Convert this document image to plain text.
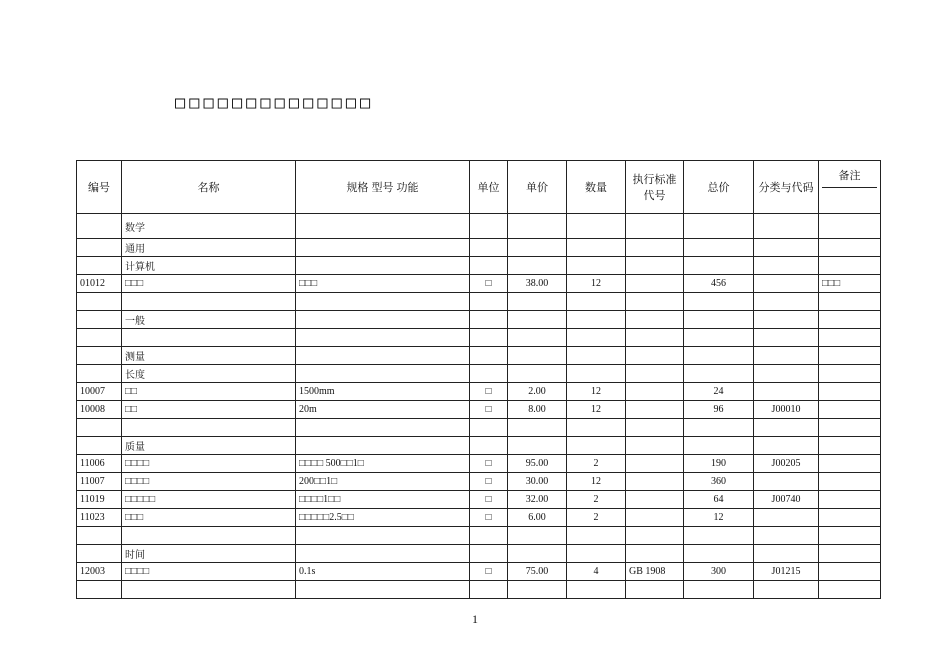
□□□□□□□□□□□□□□
编号	名称	规格 型号 功能	单位	单价	数量	执行标准
代号	总价	分类与代码	备注

	数学								
	通用								
	计算机								
01012	□□□	□□□	□	38.00	12		456		□□□

	一般								

	测量								
	长度								
10007	□□	1500mm	□	2.00	12		24		
10008	□□	20m	□	8.00	12		96	J00010	

	质量								
11006	□□□□	□□□□ 500□□1□	□	95.00	2		190	J00205	
11007	□□□□	200□□1□	□	30.00	12		360		
11019	□□□□□	□□□□1□□	□	32.00	2		64	J00740	
11023	□□□	□□□□□2.5□□	□	6.00	2		12		

	时间								
12003	□□□□	0.1s	□	75.00	4	GB 1908	300	J01215	

1
